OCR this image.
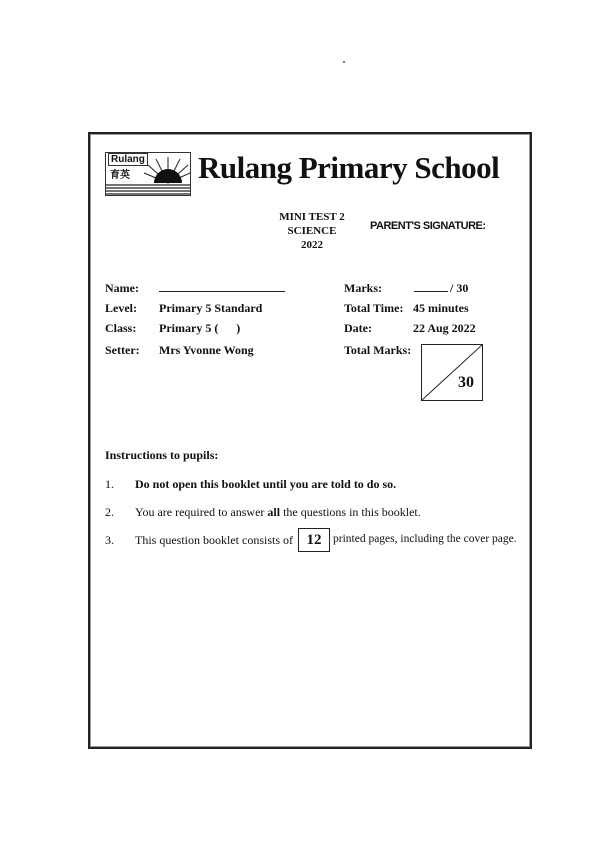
Rulang
育英 Rulang Primary School
MINI TEST 2
SCIENCE
2022
PARENT'S SIGNATURE:
Name:
Level: Primary 5 Standard
Class: Primary 5 (      )
Setter: Mrs Yvonne Wong
Marks:	/ 30
Total Time: 45 minutes
Date:	22 Aug 2022
Total Marks:
30
Instructions to pupils:
1. Do not open this booklet until you are told to do so.
2. You are required to answer all the questions in this booklet.
3. This question booklet consists of 12	printed pages, including the cover page.
